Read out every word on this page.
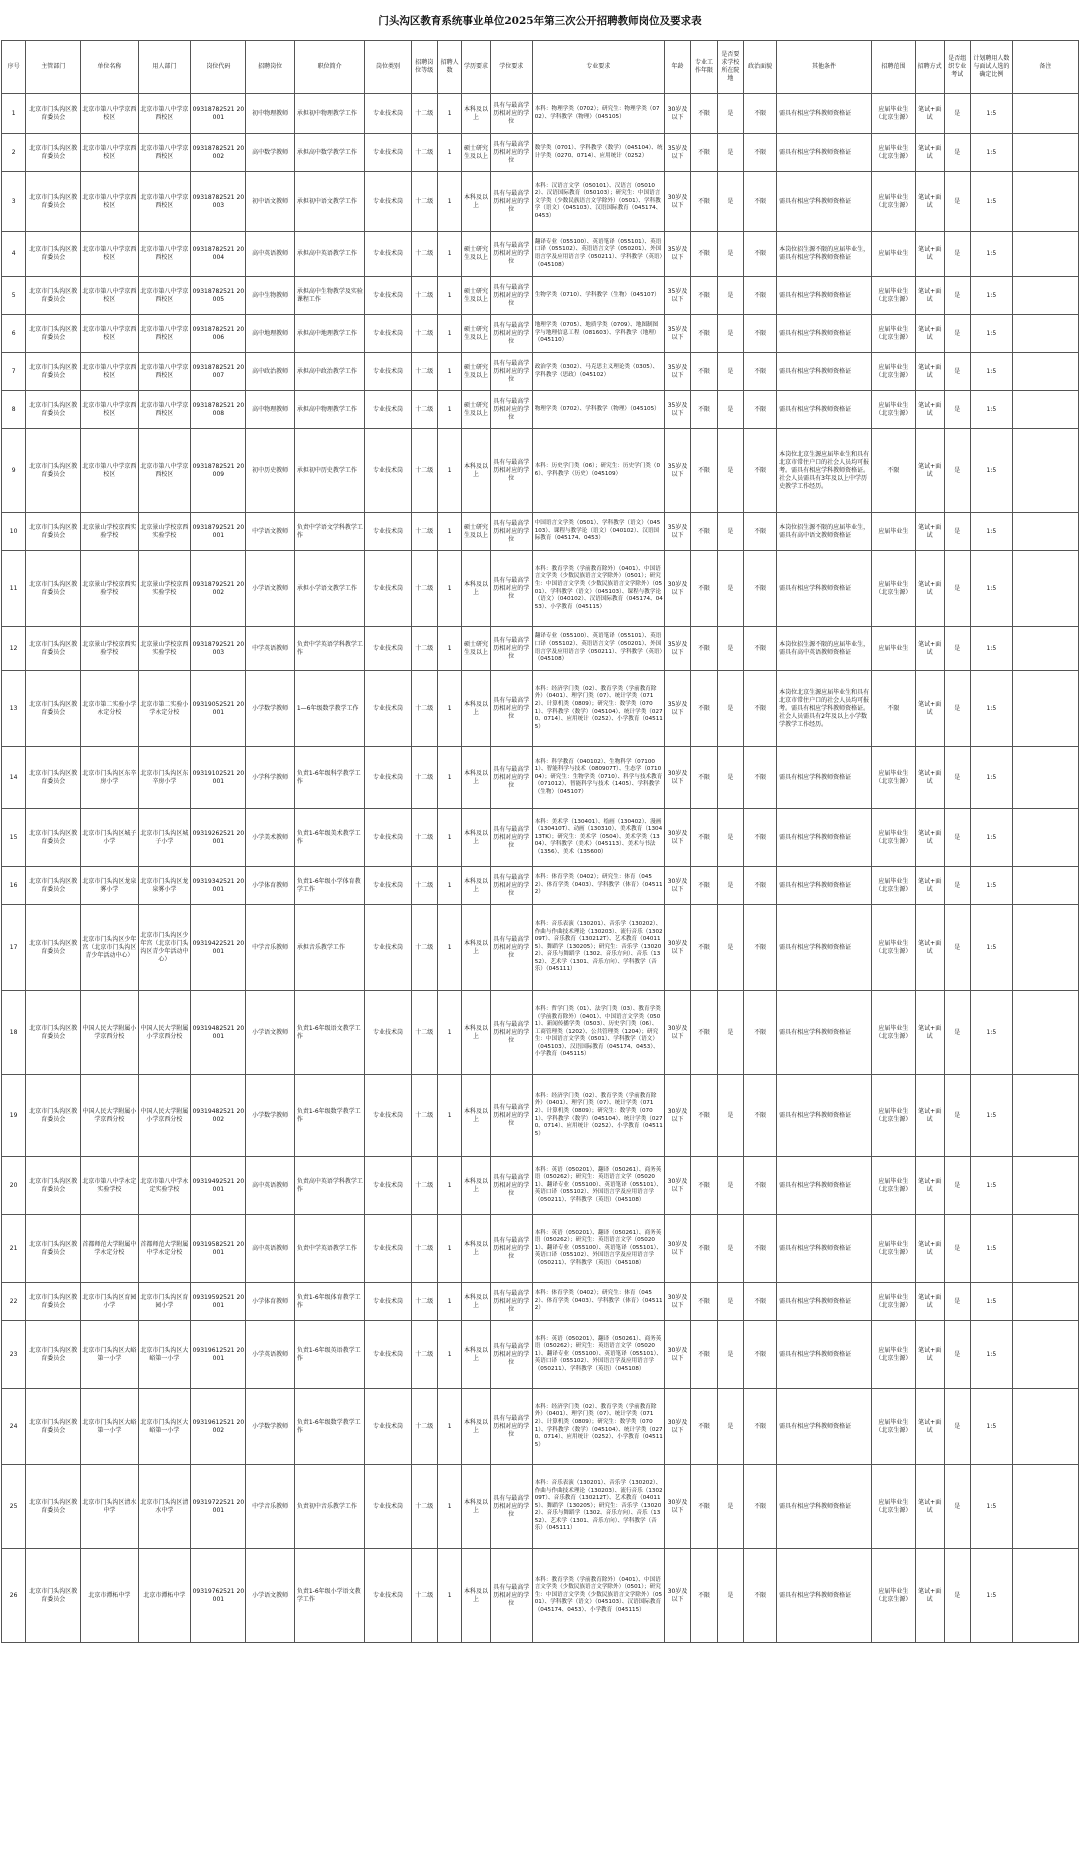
门头沟区教育系统事业单位2025年第三次公开招聘教师岗位及要求表
序号	主管部门	单位名称	用人部门	岗位代码	招聘岗位	职位简介	岗位类别	招聘岗位等级	招聘人数	学历要求	学位要求	专业要求	年龄	专业工作年限	是否要求学校所在院地	政治面貌	其他条件	招聘范围	招聘方式	是否组织专业考试	计划聘用人数与面试人选的确定比例	备注
1	北京市门头沟区教育委员会	北京市第八中学京西校区	北京市第八中学京西校区	09318782521 20001	初中物理教师	承担初中物理教学工作	专业技术岗	十二级	1	本科及以上	具有与最高学历相对应的学位	本科：物理学类（0702）；研究生：物理学类（0702）、学科教学（物理）（045105）	30岁及以下	不限	是	不限	需具有相应学科教师资格证	应届毕业生（北京生源）	笔试+面试	是	1:5	
2	北京市门头沟区教育委员会	北京市第八中学京西校区	北京市第八中学京西校区	09318782521 20002	高中数学教师	承担高中数学教学工作	专业技术岗	十二级	1	硕士研究生及以上	具有与最高学历相对应的学位	数学类（0701）、学科教学（数学）（045104）、统计学类（0270、0714）、应用统计（0252）	35岁及以下	不限	是	不限	需具有相应学科教师资格证	应届毕业生（北京生源）	笔试+面试	是	1:5	
3	北京市门头沟区教育委员会	北京市第八中学京西校区	北京市第八中学京西校区	09318782521 20003	初中语文教师	承担初中语文教学工作	专业技术岗	十二级	1	本科及以上	具有与最高学历相对应的学位	本科：汉语言文学（050101）、汉语言（050102）、汉语国际教育（050103）；研究生：中国语言文学类（少数民族语言文学除外）（0501）、学科教学（语文）（045103）、汉语国际教育（045174、0453）	30岁及以下	不限	是	不限	需具有相应学科教师资格证	应届毕业生（北京生源）	笔试+面试	是	1:5	
4	北京市门头沟区教育委员会	北京市第八中学京西校区	北京市第八中学京西校区	09318782521 20004	高中英语教师	承担高中英语教学工作	专业技术岗	十二级	1	硕士研究生及以上	具有与最高学历相对应的学位	翻译专业（055100）、英语笔译（055101）、英语口译（055102）、英语语言文学（050201）、外国语言学及应用语言学（050211）、学科教学（英语）（045108）	35岁及以下	不限	是	不限	本岗位招生源不限的应届毕业生，需具有相应学科教师资格证	应届毕业生	笔试+面试	是	1:5	
5	北京市门头沟区教育委员会	北京市第八中学京西校区	北京市第八中学京西校区	09318782521 20005	高中生物教师	承担高中生物教学及实验课程工作	专业技术岗	十二级	1	硕士研究生及以上	具有与最高学历相对应的学位	生物学类（0710）、学科教学（生物）（045107）	35岁及以下	不限	是	不限	需具有相应学科教师资格证	应届毕业生（北京生源）	笔试+面试	是	1:5	
6	北京市门头沟区教育委员会	北京市第八中学京西校区	北京市第八中学京西校区	09318782521 20006	高中地理教师	承担高中地理教学工作	专业技术岗	十二级	1	硕士研究生及以上	具有与最高学历相对应的学位	地理学类（0705）、地质学类（0709）、地图制图学与地理信息工程（081603）、学科教学（地理）（045110）	35岁及以下	不限	是	不限	需具有相应学科教师资格证	应届毕业生（北京生源）	笔试+面试	是	1:5	
7	北京市门头沟区教育委员会	北京市第八中学京西校区	北京市第八中学京西校区	09318782521 20007	高中政治教师	承担高中政治教学工作	专业技术岗	十二级	1	硕士研究生及以上	具有与最高学历相对应的学位	政治学类（0302）、马克思主义理论类（0305）、学科教学（思政）（045102）	35岁及以下	不限	是	不限	需具有相应学科教师资格证	应届毕业生（北京生源）	笔试+面试	是	1:5	
8	北京市门头沟区教育委员会	北京市第八中学京西校区	北京市第八中学京西校区	09318782521 20008	高中物理教师	承担高中物理教学工作	专业技术岗	十二级	1	硕士研究生及以上	具有与最高学历相对应的学位	物理学类（0702）、学科教学（物理）（045105）	35岁及以下	不限	是	不限	需具有相应学科教师资格证	应届毕业生（北京生源）	笔试+面试	是	1:5	
9	北京市门头沟区教育委员会	北京市第八中学京西校区	北京市第八中学京西校区	09318782521 20009	初中历史教师	承担初中历史教学工作	专业技术岗	十二级	1	本科及以上	具有与最高学历相对应的学位	本科：历史学门类（06）；研究生：历史学门类（06）、学科教学（历史）（045109）	35岁及以下	不限	是	不限	本岗位北京生源应届毕业生和具有北京市常住户口的社会人员均可报考。需具有相应学科教师资格证。社会人员需具有3年及以上中学历史教学工作经历。	不限	笔试+面试	是	1:5	
10	北京市门头沟区教育委员会	北京景山学校京西实验学校	北京景山学校京西实验学校	09318792521 20001	中学语文教师	负责中学语文学科教学工作	专业技术岗	十二级	1	硕士研究生及以上	具有与最高学历相对应的学位	中国语言文学类（0501）、学科教学（语文）（045103）、课程与教学论（语文）（040102）、汉语国际教育（045174、0453）	35岁及以下	不限	是	不限	本岗位招生源不限的应届毕业生，需具有高中语文教师资格证	应届毕业生	笔试+面试	是	1:5	
11	北京市门头沟区教育委员会	北京景山学校京西实验学校	北京景山学校京西实验学校	09318792521 20002	小学语文教师	承担小学语文教学工作	专业技术岗	十二级	1	本科及以上	具有与最高学历相对应的学位	本科：教育学类（学前教育除外）（0401）、中国语言文学类（少数民族语言文学除外）（0501）；研究生：中国语言文学类（少数民族语言文学除外）（0501）、学科教学（语文）（045103）、课程与教学论（语文）（040102）、汉语国际教育（045174、0453）、小学教育（045115）	30岁及以下	不限	是	不限	需具有相应学科教师资格证	应届毕业生（北京生源）	笔试+面试	是	1:5	
12	北京市门头沟区教育委员会	北京景山学校京西实验学校	北京景山学校京西实验学校	09318792521 20003	中学英语教师	负责中学英语学科教学工作	专业技术岗	十二级	1	硕士研究生及以上	具有与最高学历相对应的学位	翻译专业（055100）、英语笔译（055101）、英语口译（055102）、英语语言文学（050201）、外国语言学及应用语言学（050211）、学科教学（英语）（045108）	35岁及以下	不限	是	不限	本岗位招生源不限的应届毕业生，需具有高中英语教师资格证	应届毕业生	笔试+面试	是	1:5	
13	北京市门头沟区教育委员会	北京市第二实验小学永定分校	北京市第二实验小学永定分校	09319052521 20001	小学数学教师	1—6年级数学教学工作	专业技术岗	十二级	1	本科及以上	具有与最高学历相对应的学位	本科：经济学门类（02）、教育学类（学前教育除外）（0401）、理学门类（07）、统计学类（0712）、计算机类（0809）；研究生：数学类（0701）、学科教学（数学）（045104）、统计学类（0270、0714）、应用统计（0252）、小学教育（045115）	35岁及以下	不限	是	不限	本岗位北京生源应届毕业生和具有北京市常住户口的社会人员均可报考。需具有相应学科教师资格证。社会人员需具有2年及以上小学数学教学工作经历。	不限	笔试+面试	是	1:5	
14	北京市门头沟区教育委员会	北京市门头沟区东辛房小学	北京市门头沟区东辛房小学	09319102521 20001	小学科学教师	负责1-6年级科学教学工作	专业技术岗	十二级	1	本科及以上	具有与最高学历相对应的学位	本科：科学教育（040102）、生物科学（071001）、智能科学与技术（080907T）、生态学（071004）；研究生：生物学类（0710）、科学与技术教育（071012）、智能科学与技术（1405）、学科教学（生物）（045107）	30岁及以下	不限	是	不限	需具有相应学科教师资格证	应届毕业生（北京生源）	笔试+面试	是	1:5	
15	北京市门头沟区教育委员会	北京市门头沟区城子小学	北京市门头沟区城子小学	09319262521 20001	小学美术教师	负责1-6年级美术教学工作	专业技术岗	十二级	1	本科及以上	具有与最高学历相对应的学位	本科：美术学（130401）、绘画（130402）、漫画（130410T）、动画（130310）、美术教育（130413TK）；研究生：美术学（0504）、美术学类（1304）、学科教学（美术）（045113）、美术与书法（1356）、美术（135600）	30岁及以下	不限	是	不限	需具有相应学科教师资格证	应届毕业生（北京生源）	笔试+面试	是	1:5	
16	北京市门头沟区教育委员会	北京市门头沟区龙泉雾小学	北京市门头沟区龙泉雾小学	09319342521 20001	小学体育教师	负责1-6年级小学体育教学工作	专业技术岗	十二级	1	本科及以上	具有与最高学历相对应的学位	本科：体育学类（0402）；研究生：体育（0452）、体育学类（0403）、学科教学（体育）（045112）	30岁及以下	不限	是	不限	需具有相应学科教师资格证	应届毕业生（北京生源）	笔试+面试	是	1:5	
17	北京市门头沟区教育委员会	北京市门头沟区少年宫（北京市门头沟区青少年活动中心）	北京市门头沟区少年宫（北京市门头沟区青少年活动中心）	09319422521 20001	中学音乐教师	承担音乐教学工作	专业技术岗	十二级	1	本科及以上	具有与最高学历相对应的学位	本科：音乐表演（130201）、音乐学（130202）、作曲与作曲技术理论（130203）、流行音乐（130209T）、音乐教育（130212T）、艺术教育（040115）、舞蹈学（130205）；研究生：音乐学（130202）、音乐与舞蹈学（1302、音乐方向）、音乐（1352）、艺术学（1301、音乐方向）、学科教学（音乐）（045111）	30岁及以下	不限	是	不限	需具有相应学科教师资格证	应届毕业生（北京生源）	笔试+面试	是	1:5	
18	北京市门头沟区教育委员会	中国人民大学附属小学京西分校	中国人民大学附属小学京西分校	09319482521 20001	小学语文教师	负责1-6年级语文教学工作	专业技术岗	十二级	1	本科及以上	具有与最高学历相对应的学位	本科：哲学门类（01）、法学门类（03）、教育学类（学前教育除外）（0401）、中国语言文学类（0501）、新闻传播学类（0503）、历史学门类（06）、工商管理类（1202）、公共管理类（1204）；研究生：中国语言文学类（0501）、学科教学（语文）（045103）、汉语国际教育（045174、0453）、小学教育（045115）	30岁及以下	不限	是	不限	需具有相应学科教师资格证	应届毕业生（北京生源）	笔试+面试	是	1:5	
19	北京市门头沟区教育委员会	中国人民大学附属小学京西分校	中国人民大学附属小学京西分校	09319482521 20002	小学数学教师	负责1-6年级数学教学工作	专业技术岗	十二级	1	本科及以上	具有与最高学历相对应的学位	本科：经济学门类（02）、教育学类（学前教育除外）（0401）、理学门类（07）、统计学类（0712）、计算机类（0809）；研究生：数学类（0701）、学科教学（数学）（045104）、统计学类（0270、0714）、应用统计（0252）、小学教育（045115）	30岁及以下	不限	是	不限	需具有相应学科教师资格证	应届毕业生（北京生源）	笔试+面试	是	1:5	
20	北京市门头沟区教育委员会	北京市第八中学永定实验学校	北京市第八中学永定实验学校	09319492521 20001	高中英语教师	负责高中英语学科教学工作	专业技术岗	十二级	1	本科及以上	具有与最高学历相对应的学位	本科：英语（050201）、翻译（050261）、商务英语（050262）；研究生：英语语言文学（050201）、翻译专业（055100）、英语笔译（055101）、英语口译（055102）、外国语言学及应用语言学（050211）、学科教学（英语）（045108）	30岁及以下	不限	是	不限	需具有相应学科教师资格证	应届毕业生（北京生源）	笔试+面试	是	1:5	
21	北京市门头沟区教育委员会	首都师范大学附属中学永定分校	首都师范大学附属中学永定分校	09319582521 20001	高中英语教师	负责中学英语教学工作	专业技术岗	十二级	1	本科及以上	具有与最高学历相对应的学位	本科：英语（050201）、翻译（050261）、商务英语（050262）；研究生：英语语言文学（050201）、翻译专业（055100）、英语笔译（055101）、英语口译（055102）、外国语言学及应用语言学（050211）、学科教学（英语）（045108）	30岁及以下	不限	是	不限	需具有相应学科教师资格证	应届毕业生（北京生源）	笔试+面试	是	1:5	
22	北京市门头沟区教育委员会	北京市门头沟区育园小学	北京市门头沟区育园小学	09319592521 20001	小学体育教师	负责1-6年级体育教学工作	专业技术岗	十二级	1	本科及以上	具有与最高学历相对应的学位	本科：体育学类（0402）；研究生：体育（0452）、体育学类（0403）、学科教学（体育）（045112）	30岁及以下	不限	是	不限	需具有相应学科教师资格证	应届毕业生（北京生源）	笔试+面试	是	1:5	
23	北京市门头沟区教育委员会	北京市门头沟区大峪第一小学	北京市门头沟区大峪第一小学	09319612521 20001	小学英语教师	负责1-6年级英语教学工作	专业技术岗	十二级	1	本科及以上	具有与最高学历相对应的学位	本科：英语（050201）、翻译（050261）、商务英语（050262）；研究生：英语语言文学（050201）、翻译专业（055100）、英语笔译（055101）、英语口译（055102）、外国语言学及应用语言学（050211）、学科教学（英语）（045108）	30岁及以下	不限	是	不限	需具有相应学科教师资格证	应届毕业生（北京生源）	笔试+面试	是	1:5	
24	北京市门头沟区教育委员会	北京市门头沟区大峪第一小学	北京市门头沟区大峪第一小学	09319612521 20002	小学数学教师	负责1-6年级数学教学工作	专业技术岗	十二级	1	本科及以上	具有与最高学历相对应的学位	本科：经济学门类（02）、教育学类（学前教育除外）（0401）、理学门类（07）、统计学类（0712）、计算机类（0809）；研究生：数学类（0701）、学科教学（数学）（045104）、统计学类（0270、0714）、应用统计（0252）、小学教育（045115）	30岁及以下	不限	是	不限	需具有相应学科教师资格证	应届毕业生（北京生源）	笔试+面试	是	1:5	
25	北京市门头沟区教育委员会	北京市门头沟区清水中学	北京市门头沟区清水中学	09319722521 20001	中学音乐教师	负责初中音乐教学工作	专业技术岗	十二级	1	本科及以上	具有与最高学历相对应的学位	本科：音乐表演（130201）、音乐学（130202）、作曲与作曲技术理论（130203）、流行音乐（130209T）、音乐教育（130212T）、艺术教育（040115）、舞蹈学（130205）；研究生：音乐学（130202）、音乐与舞蹈学（1302、音乐方向）、音乐（1352）、艺术学（1301、音乐方向）、学科教学（音乐）（045111）	30岁及以下	不限	是	不限	需具有相应学科教师资格证	应届毕业生（北京生源）	笔试+面试	是	1:5	
26	北京市门头沟区教育委员会	北京市潭柘中学	北京市潭柘中学	09319762521 20001	小学语文教师	负责1-6年级小学语文教学工作	专业技术岗	十二级	1	本科及以上	具有与最高学历相对应的学位	本科：教育学类（学前教育除外）（0401）、中国语言文学类（少数民族语言文学除外）（0501）；研究生：中国语言文学类（少数民族语言文学除外）（0501）、学科教学（语文）（045103）、汉语国际教育（045174、0453）、小学教育（045115）	30岁及以下	不限	是	不限	需具有相应学科教师资格证	应届毕业生（北京生源）	笔试+面试	是	1:5	
